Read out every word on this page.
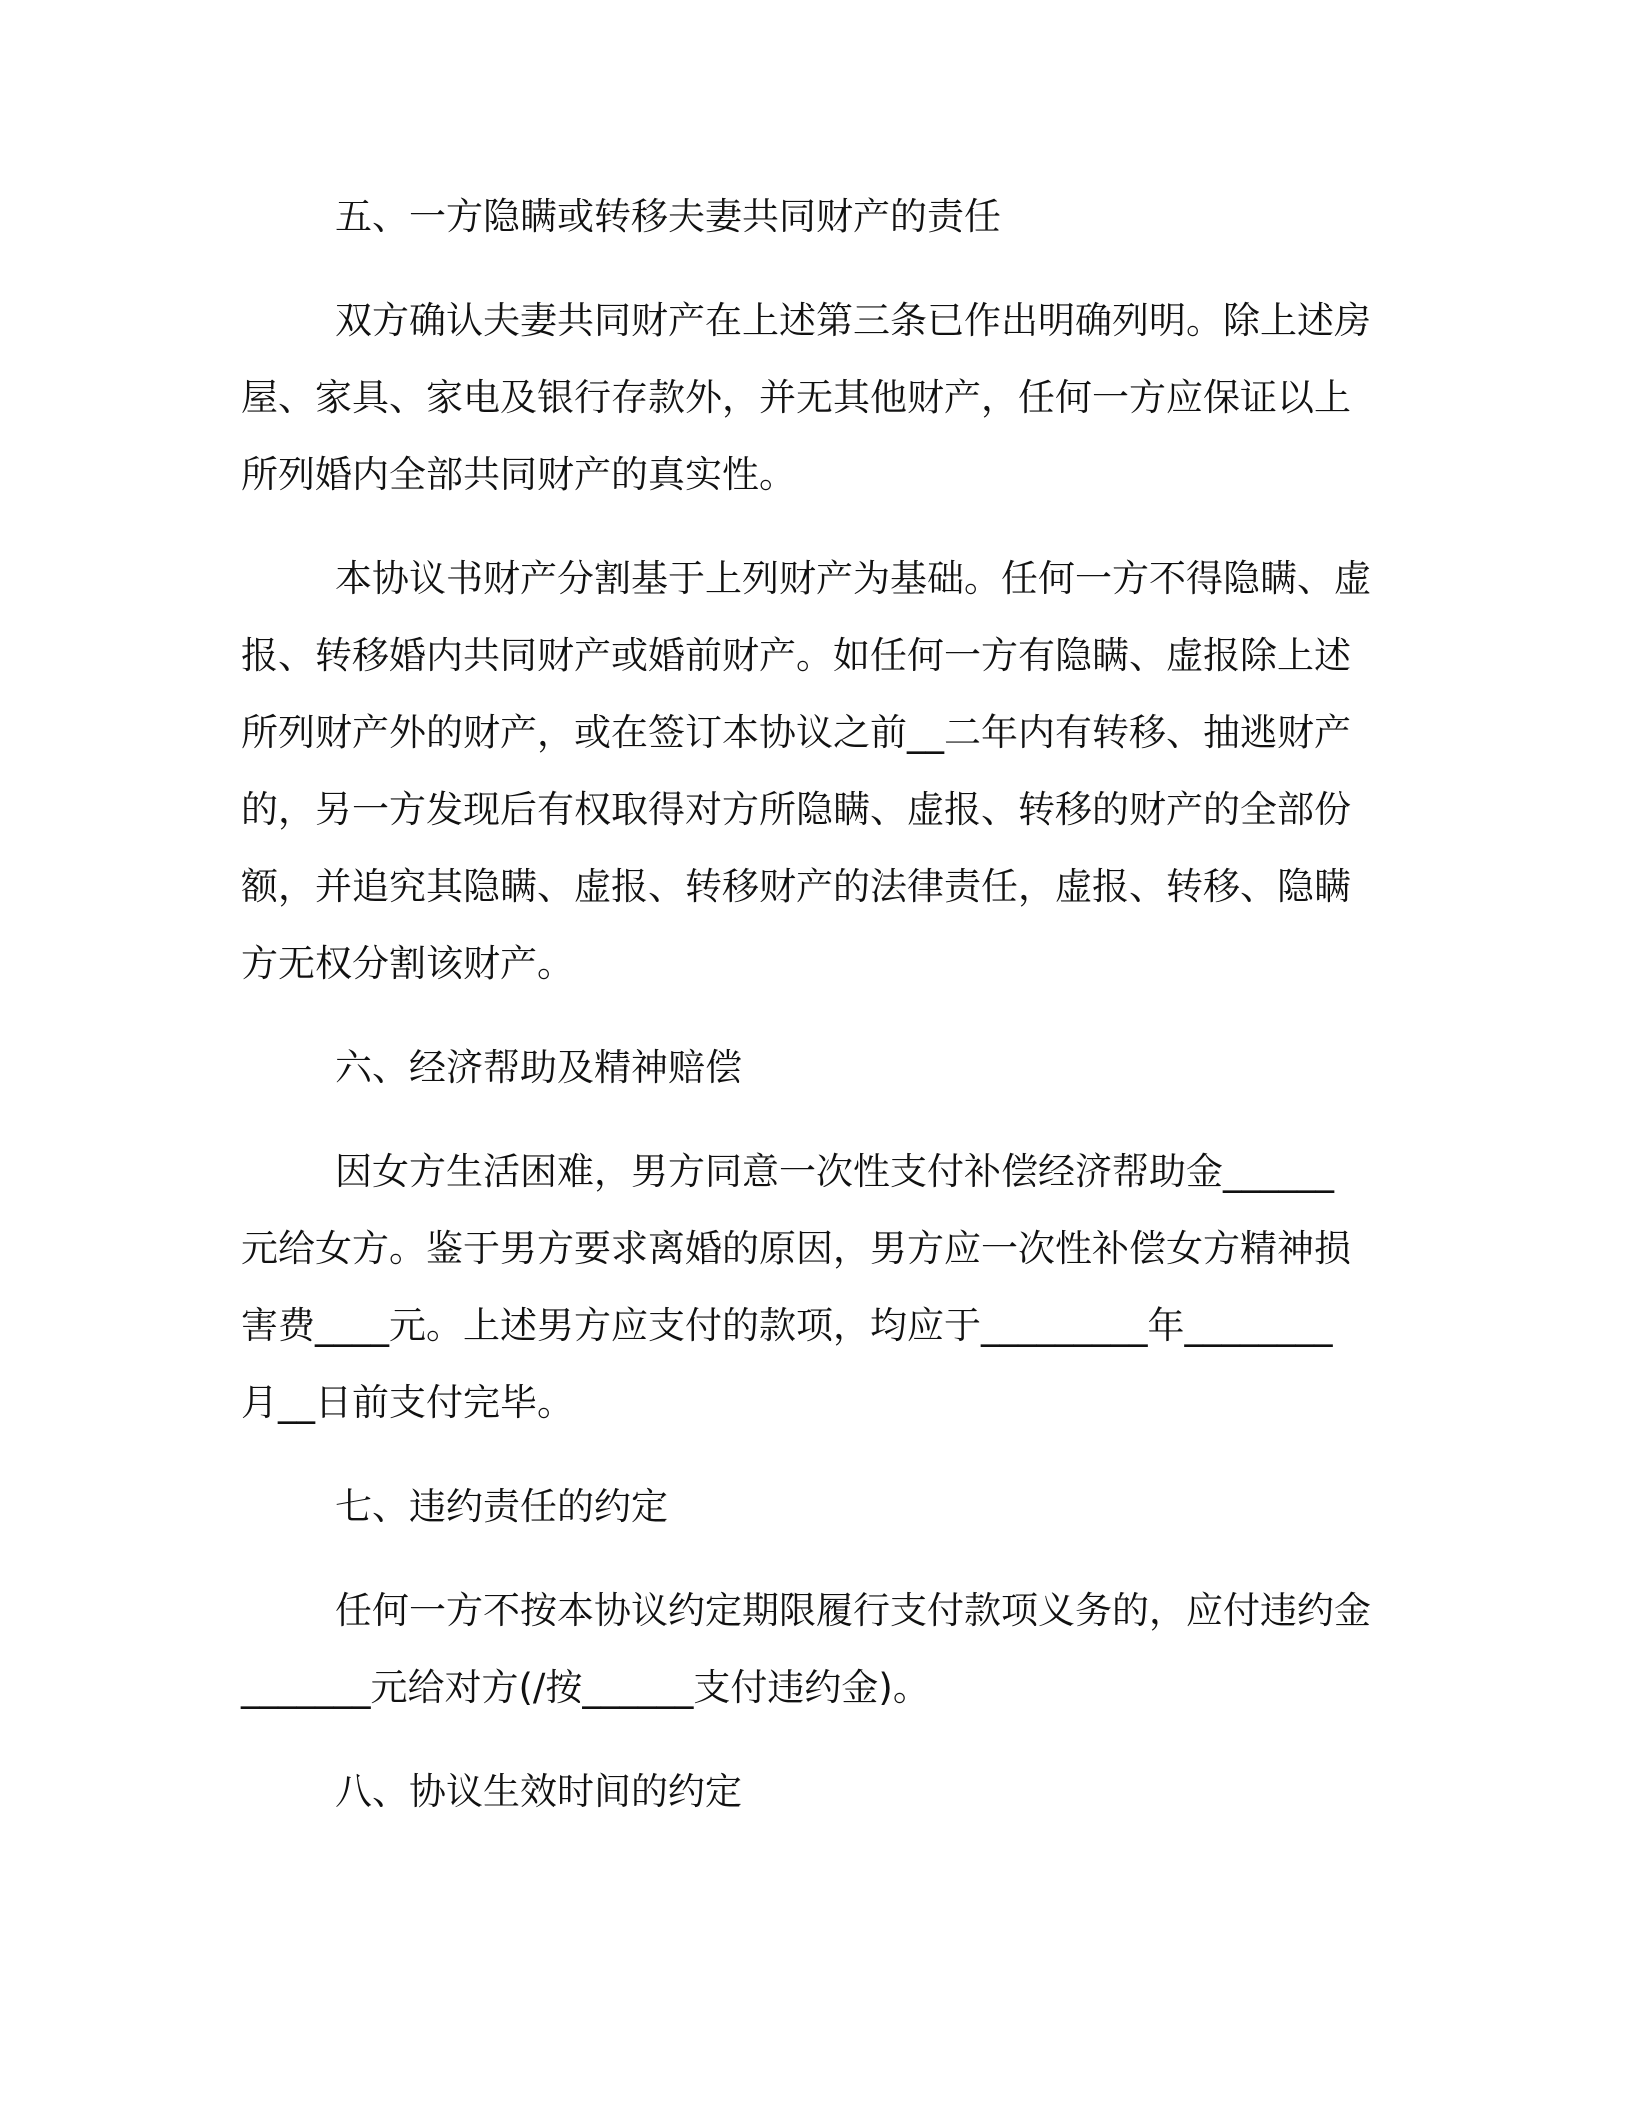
五、一方隐瞒或转移夫妻共同财产的责任
双方确认夫妻共同财产在上述第三条已作出明确列明。除上述房
屋、家具、家电及银行存款外，并无其他财产，任何一方应保证以上
所列婚内全部共同财产的真实性。
本协议书财产分割基于上列财产为基础。任何一方不得隐瞒、虚
报、转移婚内共同财产或婚前财产。如任何一方有隐瞒、虚报除上述
所列财产外的财产，或在签订本协议之前__二年内有转移、抽逃财产
的，另一方发现后有权取得对方所隐瞒、虚报、转移的财产的全部份
额，并追究其隐瞒、虚报、转移财产的法律责任，虚报、转移、隐瞒
方无权分割该财产。
六、经济帮助及精神赔偿
因女方生活困难，男方同意一次性支付补偿经济帮助金______
元给女方。鉴于男方要求离婚的原因，男方应一次性补偿女方精神损
害费____元。上述男方应支付的款项，均应于_________年________
月__日前支付完毕。
七、违约责任的约定
任何一方不按本协议约定期限履行支付款项义务的，应付违约金
_______元给对方(/按______支付违约金)。
八、协议生效时间的约定
